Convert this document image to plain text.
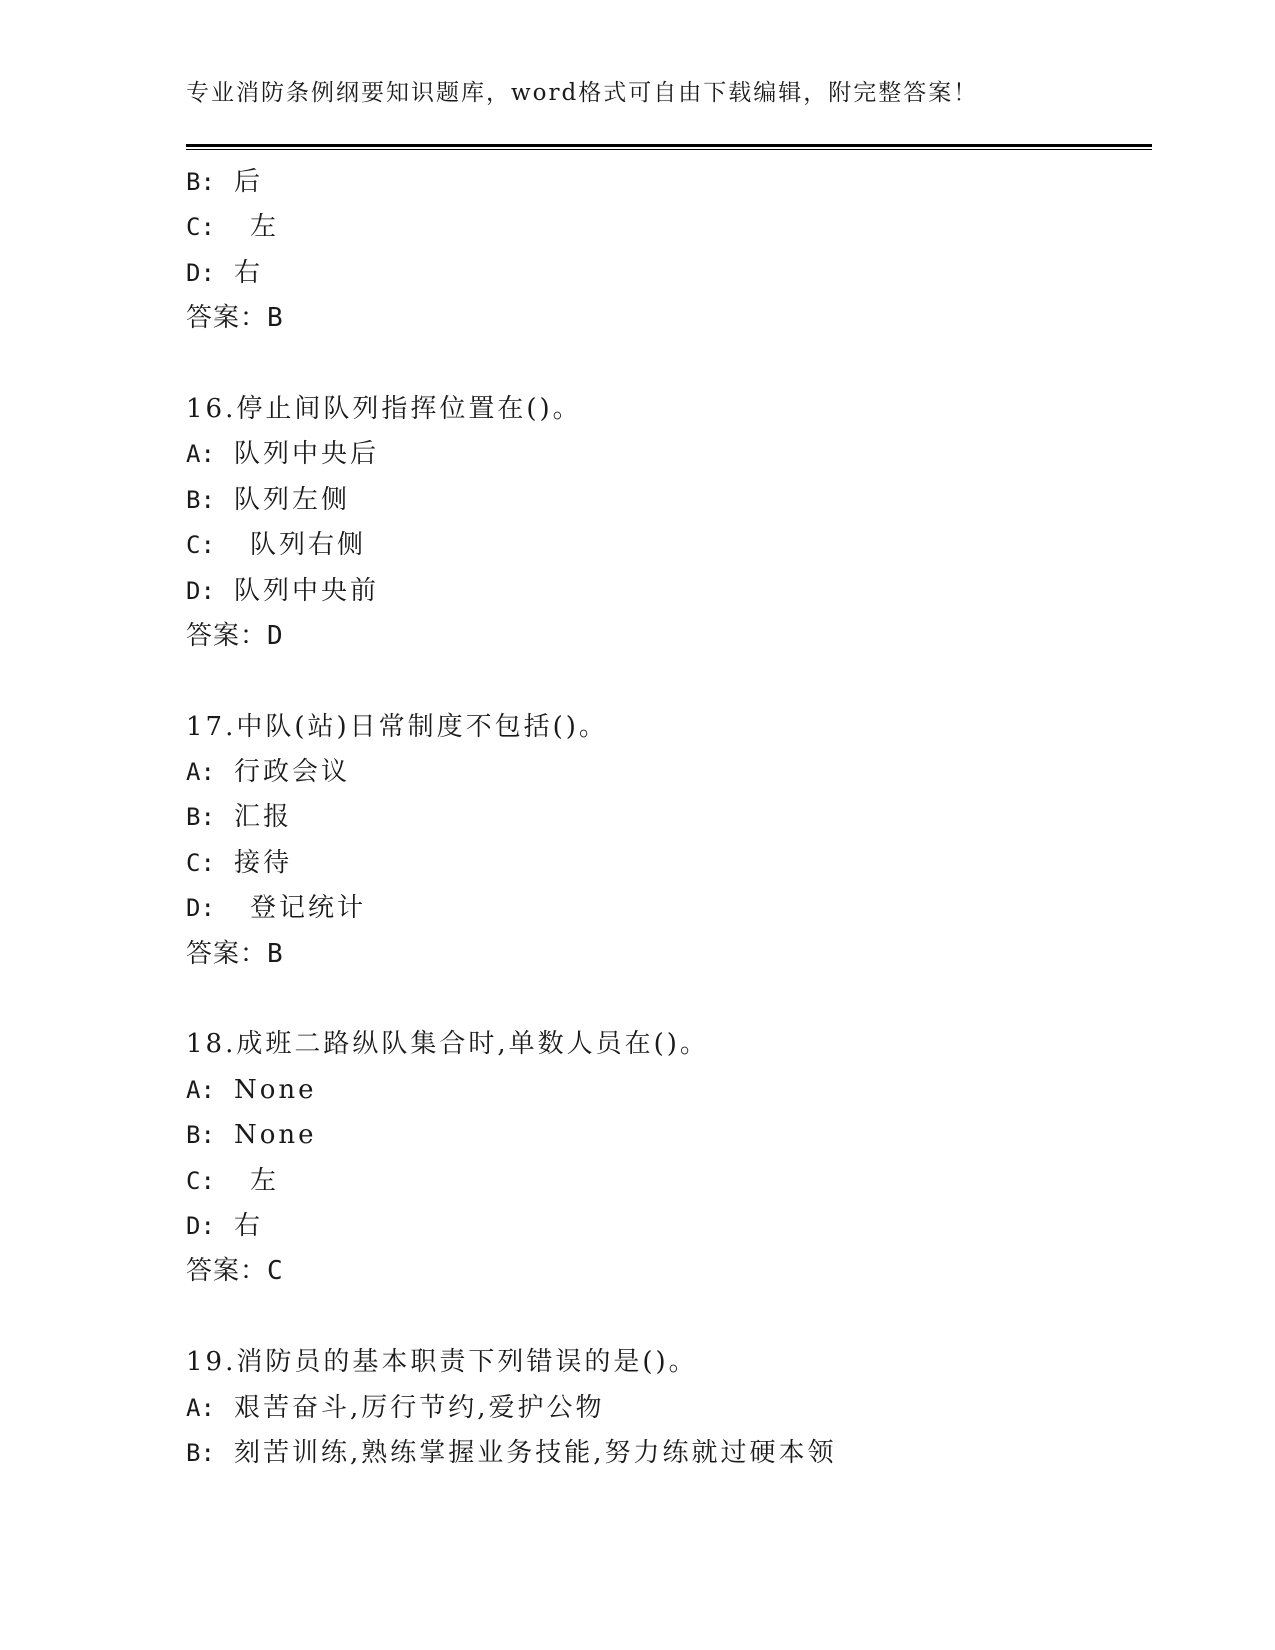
专业消防条例纲要知识题库，word格式可自由下载编辑，附完整答案！
B: 后
C: 左
D: 右
答案：B
16.停止间队列指挥位置在()。
A: 队列中央后
B: 队列左侧
C: 队列右侧
D: 队列中央前
答案：D
17.中队(站)日常制度不包括()。
A: 行政会议
B: 汇报
C: 接待
D: 登记统计
答案：B
18.成班二路纵队集合时,单数人员在()。
A: None
B: None
C: 左
D: 右
答案：C
19.消防员的基本职责下列错误的是()。
A: 艰苦奋斗,厉行节约,爱护公物
B: 刻苦训练,熟练掌握业务技能,努力练就过硬本领
